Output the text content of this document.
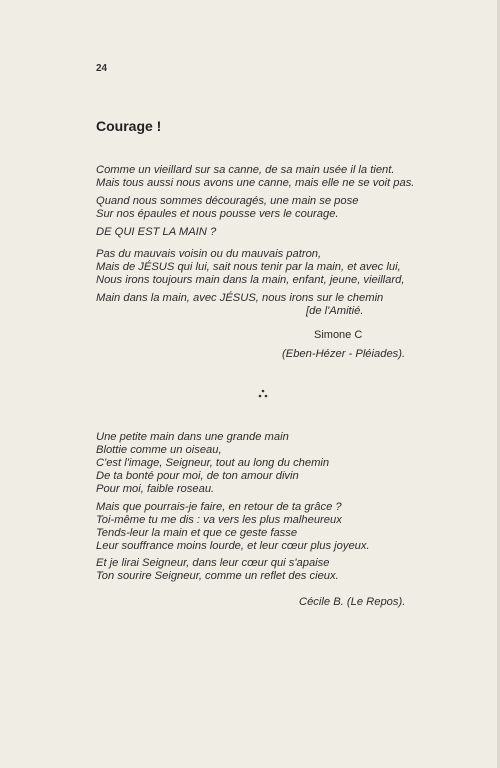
24
Courage !

Comme un vieillard sur sa canne, de sa main usée il la tient.
Mais tous aussi nous avons une canne, mais elle ne se voit pas.

Quand nous sommes découragés, une main se pose
Sur nos épaules et nous pousse vers le courage.

DE QUI EST LA MAIN ?

Pas du mauvais voisin ou du mauvais patron,
Mais de JÉSUS qui lui, sait nous tenir par la main, et avec lui,
Nous irons toujours main dans la main, enfant, jeune, vieillard,

Main dans la main, avec JÉSUS, nous irons sur le chemin
[de l'Amitié.

Simone C
(Eben-Hézer - Pléiades).

Une petite main dans une grande main
Blottie comme un oiseau,
C'est l'image, Seigneur, tout au long du chemin
De ta bonté pour moi, de ton amour divin
Pour moi, faible roseau.

Mais que pourrais-je faire, en retour de ta grâce ?
Toi-même tu me dis : va vers les plus malheureux
Tends-leur la main et que ce geste fasse
Leur souffrance moins lourde, et leur cœur plus joyeux.

Et je lirai Seigneur, dans leur cœur qui s'apaise
Ton sourire Seigneur, comme un reflet des cieux.

Cécile B. (Le Repos).
